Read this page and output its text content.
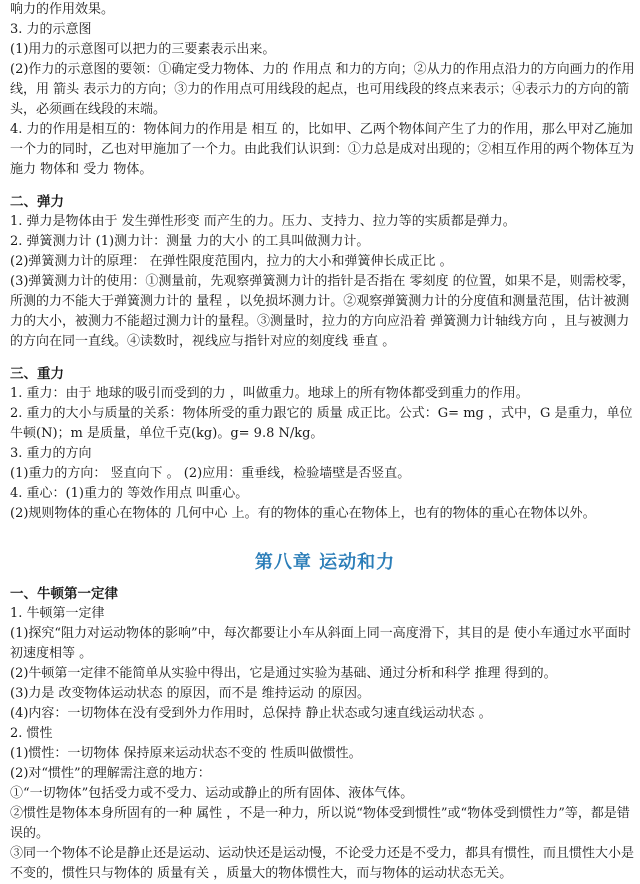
响力的作用效果。
3. 力的示意图
(1)用力的示意图可以把力的三要素表示出来。
(2)作力的示意图的要领：①确定受力物体、力的 作用点 和力的方向；②从力的作用点沿力的方向画力的作用线，用 箭头 表示力的方向；③力的作用点可用线段的起点，也可用线段的终点来表示；④表示力的方向的箭头，必须画在线段的末端。
4. 力的作用是相互的：物体间力的作用是 相互 的，比如甲、乙两个物体间产生了力的作用，那么甲对乙施加一个力的同时，乙也对甲施加了一个力。由此我们认识到：①力总是成对出现的；②相互作用的两个物体互为 施力 物体和 受力 物体。
二、弹力
1. 弹力是物体由于 发生弹性形变 而产生的力。压力、支持力、拉力等的实质都是弹力。
2. 弹簧测力计 (1)测力计：测量 力的大小 的工具叫做测力计。
(2)弹簧测力计的原理： 在弹性限度范围内，拉力的大小和弹簧伸长成正比 。
(3)弹簧测力计的使用：①测量前，先观察弹簧测力计的指针是否指在 零刻度 的位置，如果不是，则需校零，所测的力不能大于弹簧测力计的 量程 ，以免损坏测力计。②观察弹簧测力计的分度值和测量范围，估计被测力的大小，被测力不能超过测力计的量程。③测量时，拉力的方向应沿着 弹簧测力计轴线方向 ，且与被测力的方向在同一直线。④读数时，视线应与指针对应的刻度线 垂直 。
三、重力
1. 重力：由于 地球的吸引而受到的力 ，叫做重力。地球上的所有物体都受到重力的作用。
2. 重力的大小与质量的关系：物体所受的重力跟它的 质量 成正比。公式：G= mg ，式中，G 是重力，单位牛顿(N)；m 是质量，单位千克(kg)。g= 9.8 N/kg。
3. 重力的方向
(1)重力的方向： 竖直向下 。 (2)应用：重垂线，检验墙壁是否竖直。
4. 重心：(1)重力的 等效作用点 叫重心。
(2)规则物体的重心在物体的 几何中心 上。有的物体的重心在物体上，也有的物体的重心在物体以外。
第八章 运动和力
一、牛顿第一定律
1. 牛顿第一定律
(1)探究“阻力对运动物体的影响”中，每次都要让小车从斜面上同一高度滑下，其目的是 使小车通过水平面时初速度相等 。
(2)牛顿第一定律不能简单从实验中得出，它是通过实验为基础、通过分析和科学 推理 得到的。
(3)力是 改变物体运动状态 的原因，而不是 维持运动 的原因。
(4)内容：一切物体在没有受到外力作用时，总保持 静止状态或匀速直线运动状态 。
2. 惯性
(1)惯性：一切物体 保持原来运动状态不变的 性质叫做惯性。
(2)对“惯性”的理解需注意的地方：
①“一切物体”包括受力或不受力、运动或静止的所有固体、液体气体。
②惯性是物体本身所固有的一种 属性 ，不是一种力，所以说“物体受到惯性”或“物体受到惯性力”等，都是错误的。
③同一个物体不论是静止还是运动、运动快还是运动慢，不论受力还是不受力，都具有惯性，而且惯性大小是不变的，惯性只与物体的 质量有关 ，质量大的物体惯性大，而与物体的运动状态无关。
